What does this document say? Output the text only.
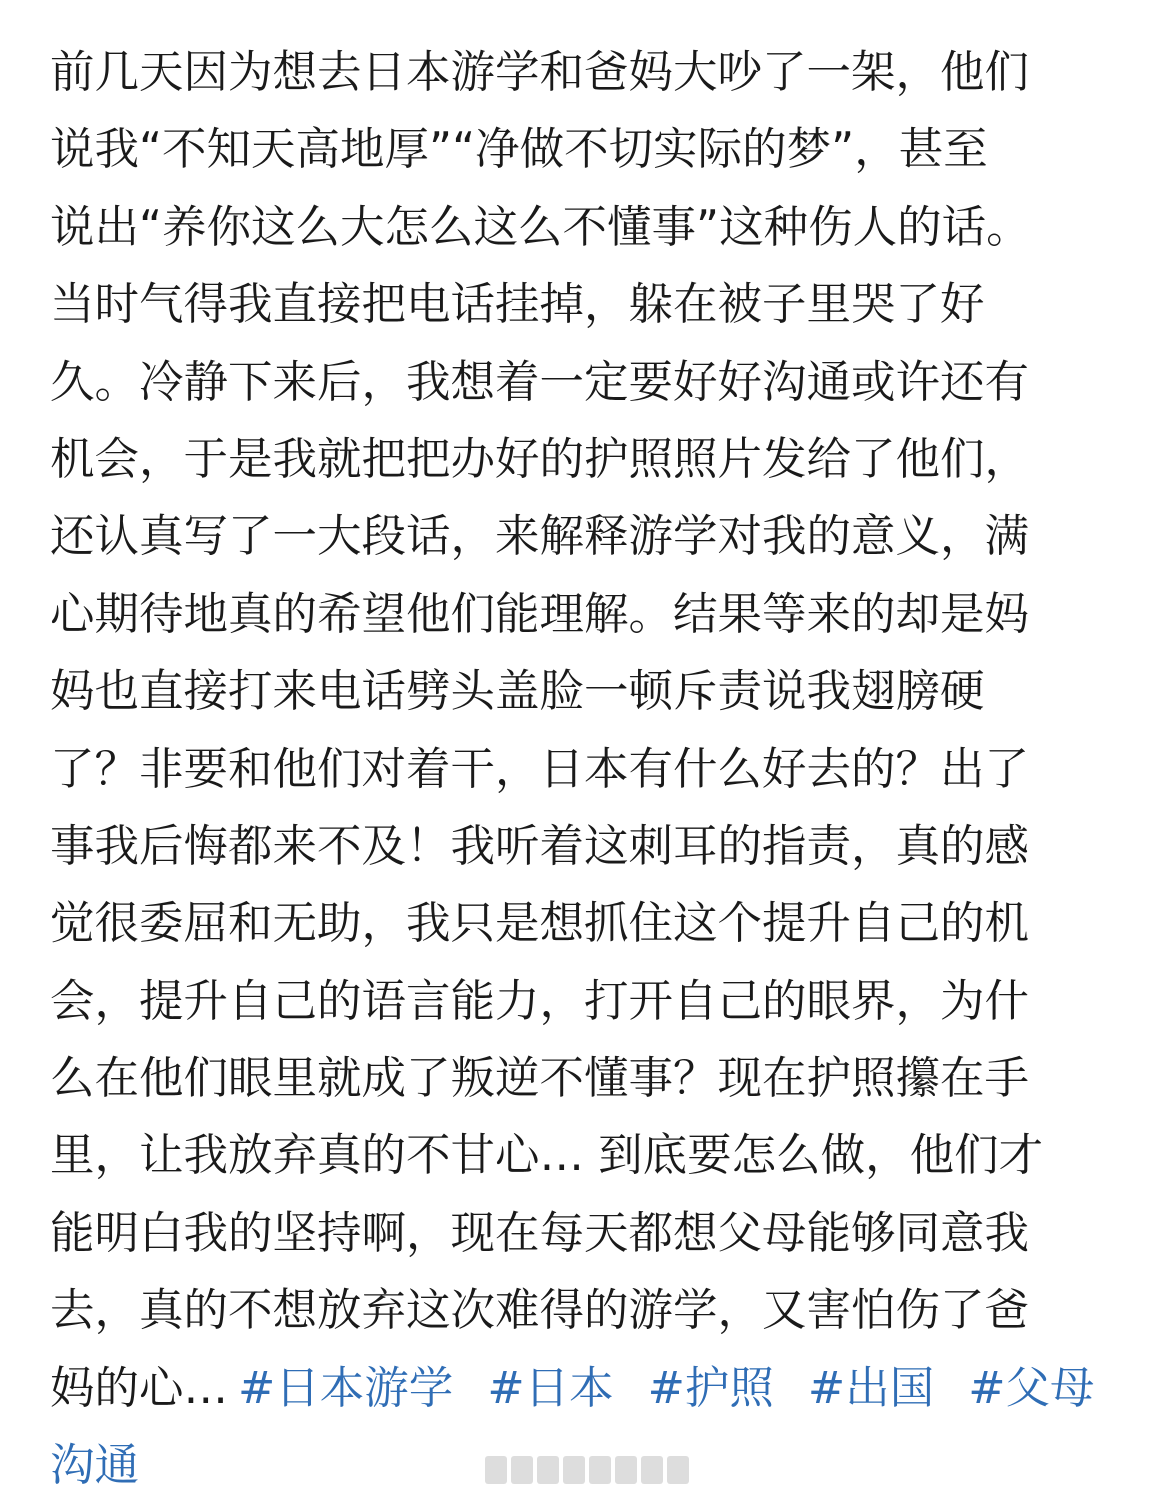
前几天因为想去日本游学和爸妈大吵了一架，他们
说我“不知天高地厚”“净做不切实际的梦”，甚至
说出“养你这么大怎么这么不懂事”这种伤人的话。
当时气得我直接把电话挂掉，躲在被子里哭了好
久。冷静下来后，我想着一定要好好沟通或许还有
机会，于是我就把把办好的护照照片发给了他们，
还认真写了一大段话，来解释游学对我的意义，满
心期待地真的希望他们能理解。结果等来的却是妈
妈也直接打来电话劈头盖脸一顿斥责说我翅膀硬
了？非要和他们对着干，日本有什么好去的？出了
事我后悔都来不及！我听着这刺耳的指责，真的感
觉很委屈和无助，我只是想抓住这个提升自己的机
会，提升自己的语言能力，打开自己的眼界，为什
么在他们眼里就成了叛逆不懂事？现在护照攥在手
里，让我放弃真的不甘心… 到底要怎么做，他们才
能明白我的坚持啊，现在每天都想父母能够同意我
去，真的不想放弃这次难得的游学，又害怕伤了爸
妈的心… #日本游学 #日本 #护照 #出国 #父母
沟通
